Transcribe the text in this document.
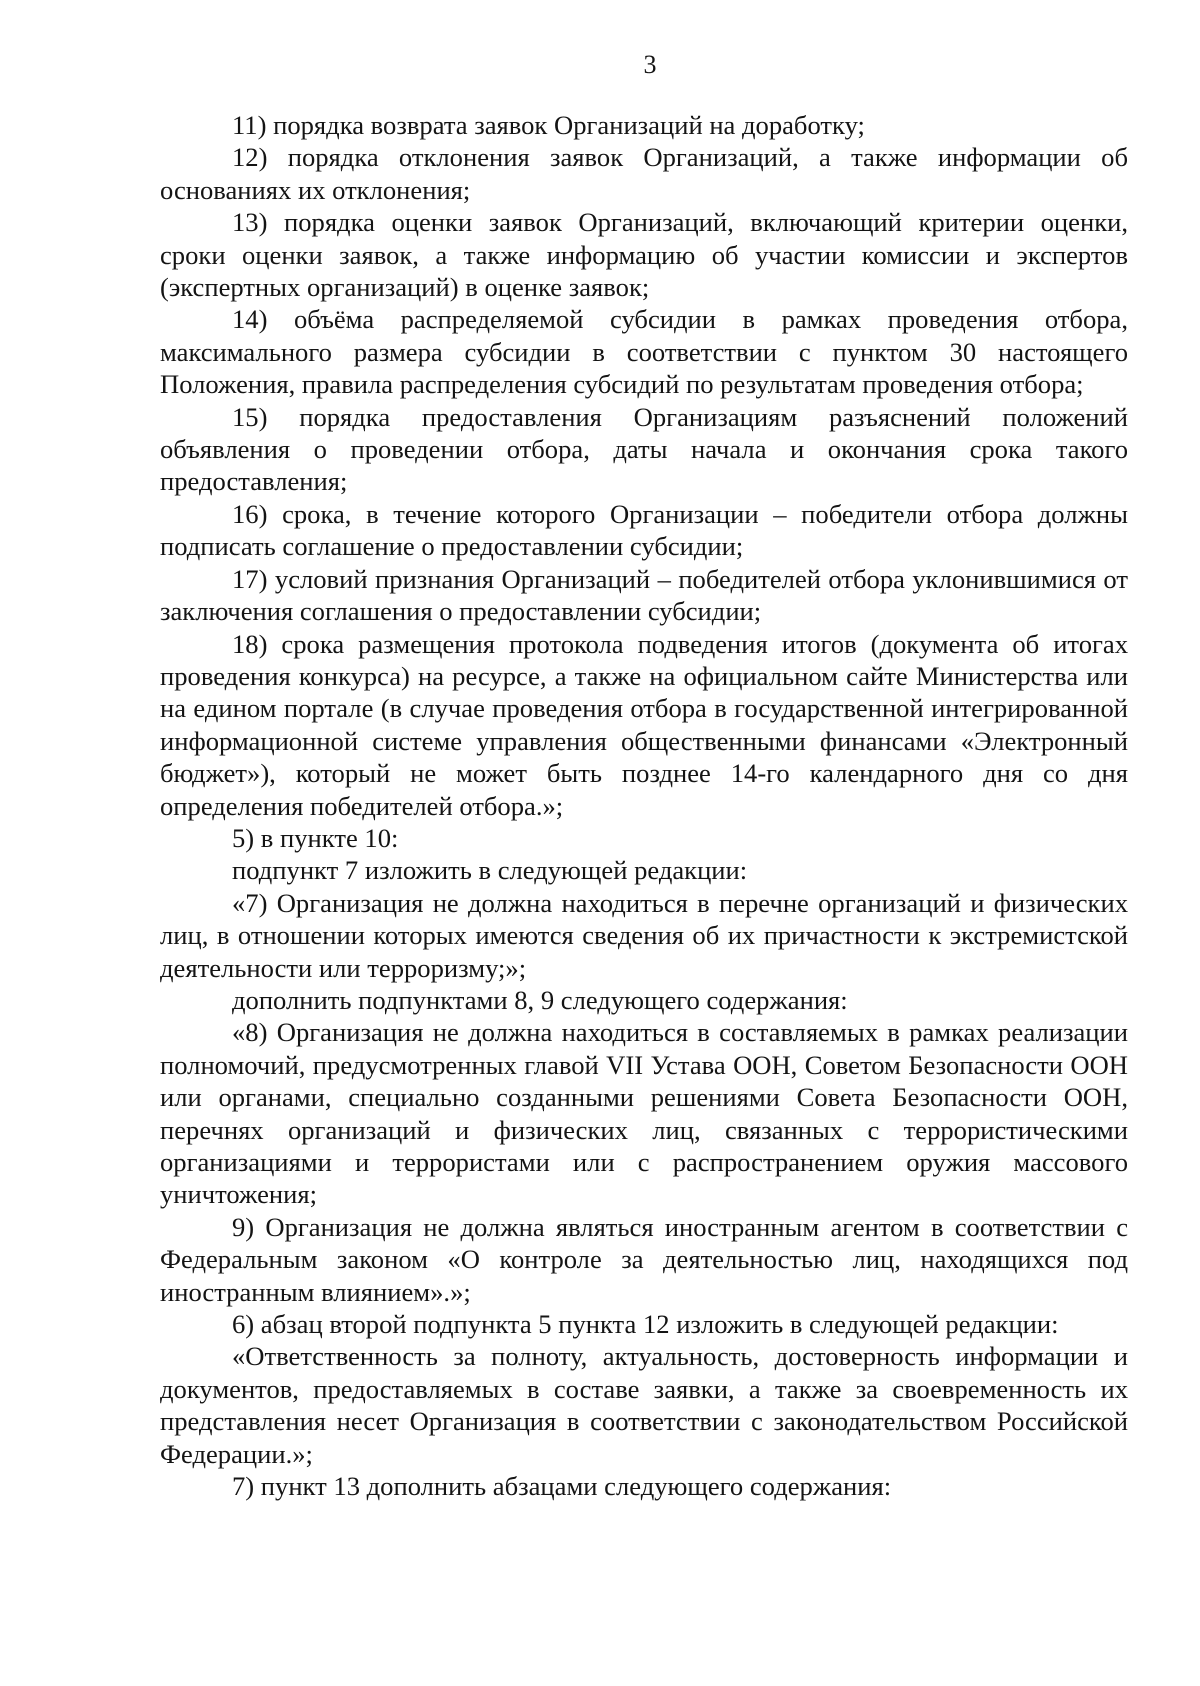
3

11) порядка возврата заявок Организаций на доработку;

12) порядка отклонения заявок Организаций, а также информации об основаниях их отклонения;

13) порядка оценки заявок Организаций, включающий критерии оценки, сроки оценки заявок, а также информацию об участии комиссии и экспертов (экспертных организаций) в оценке заявок;

14) объёма распределяемой субсидии в рамках проведения отбора, максимального размера субсидии в соответствии с пунктом 30 настоящего Положения, правила распределения субсидий по результатам проведения отбора;

15) порядка предоставления Организациям разъяснений положений объявления о проведении отбора, даты начала и окончания срока такого предоставления;

16) срока, в течение которого Организации – победители отбора должны подписать соглашение о предоставлении субсидии;

17) условий признания Организаций – победителей отбора уклонившимися от заключения соглашения о предоставлении субсидии;

18) срока размещения протокола подведения итогов (документа об итогах проведения конкурса) на ресурсе, а также на официальном сайте Министерства или на едином портале (в случае проведения отбора в государственной интегрированной информационной системе управления общественными финансами «Электронный бюджет»), который не может быть позднее 14-го календарного дня со дня определения победителей отбора.»;

5) в пункте 10:

подпункт 7 изложить в следующей редакции:

«7) Организация не должна находиться в перечне организаций и физических лиц, в отношении которых имеются сведения об их причастности к экстремистской деятельности или терроризму;»;

дополнить подпунктами 8, 9 следующего содержания:

«8) Организация не должна находиться в составляемых в рамках реализации полномочий, предусмотренных главой VII Устава ООН, Советом Безопасности ООН или органами, специально созданными решениями Совета Безопасности ООН, перечнях организаций и физических лиц, связанных с террористическими организациями и террористами или с распространением оружия массового уничтожения;

9) Организация не должна являться иностранным агентом в соответствии с Федеральным законом «О контроле за деятельностью лиц, находящихся под иностранным влиянием».»;

6) абзац второй подпункта 5 пункта 12 изложить в следующей редакции:

«Ответственность за полноту, актуальность, достоверность информации и документов, предоставляемых в составе заявки, а также за своевременность их представления несет Организация в соответствии с законодательством Российской Федерации.»;

7) пункт 13 дополнить абзацами следующего содержания:
